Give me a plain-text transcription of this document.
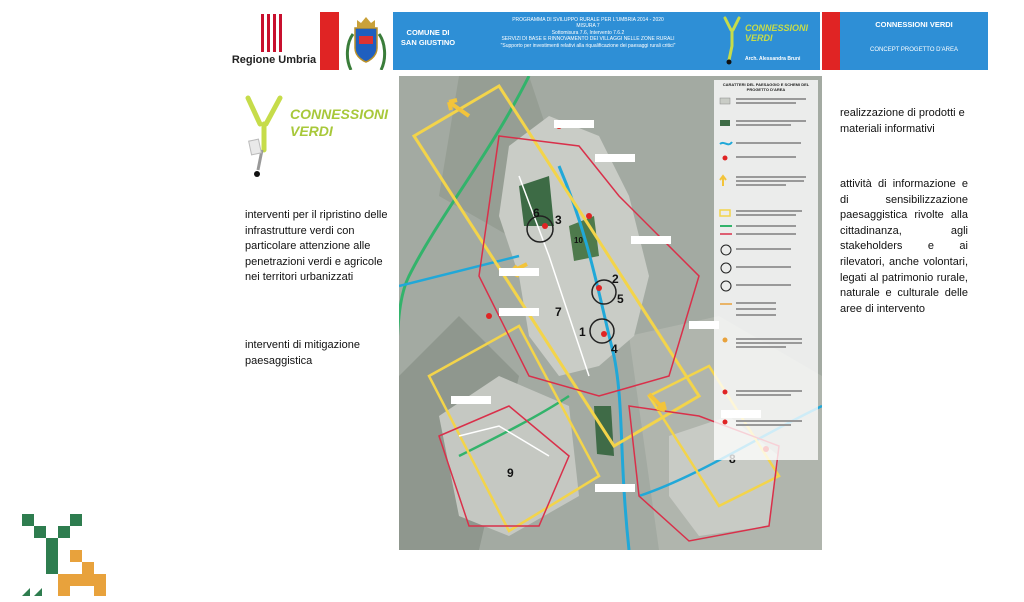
Regione Umbria
COMUNE DI SAN GIUSTINO
PROGRAMMA DI SVILUPPO RURALE PER L'UMBRIA 2014 - 2020
MISURA 7
Sottomisura 7.6, Intervento 7.6.2
SERVIZI DI BASE E RINNOVAMENTO DEI VILLAGGI NELLE ZONE RURALI
"Supporto per investimenti relativi alla riqualificazione dei paesaggi rurali critici"
CONNESSIONI VERDI
Arch. Alessandra Bruni
CONNESSIONI VERDI
CONCEPT PROGETTO D'AREA
CONNESSIONI
VERDI
interventi per il ripristino delle infrastrutture verdi con particolare attenzione alle penetrazioni verdi e agricole nei territori urbanizzati
interventi di mitigazione paesaggistica
6 3
10
2
5
7
1
4
9
CARATTERI DEL PAESAGGIO E SCHEMI DEL PROGETTO D'AREA
realizzazione di prodotti e materiali informativi
attività di informazione e di sensibilizzazione paesaggistica rivolte alla cittadinanza, agli stakeholders e ai rilevatori, anche volontari, legati al patrimonio rurale, naturale e culturale delle aree di intervento
